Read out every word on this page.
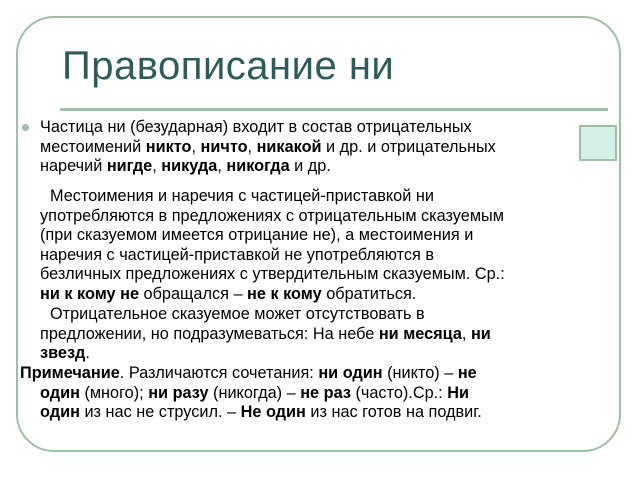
Правописание ни
Частица ни (безударная) входит в состав отрицательных
местоимений никто, ничто, никакой и др. и отрицательных
наречий нигде, никуда, никогда и др.
Местоимения и наречия с частицей-приставкой ни
употребляются в предложениях с отрицательным сказуемым
(при сказуемом имеется отрицание не), а местоимения и
наречия с частицей-приставкой не употребляются в
безличных предложениях с утвердительным сказуемым. Ср.:
ни к кому не обращался – не к кому обратиться.
Отрицательное сказуемое может отсутствовать в
предложении, но подразумеваться: На небе ни месяца, ни
звезд.
Примечание. Различаются сочетания: ни один (никто) – не
один (много); ни разу (никогда) – не раз (часто).Ср.: Ни
один из нас не струсил. – Не один из нас готов на подвиг.
